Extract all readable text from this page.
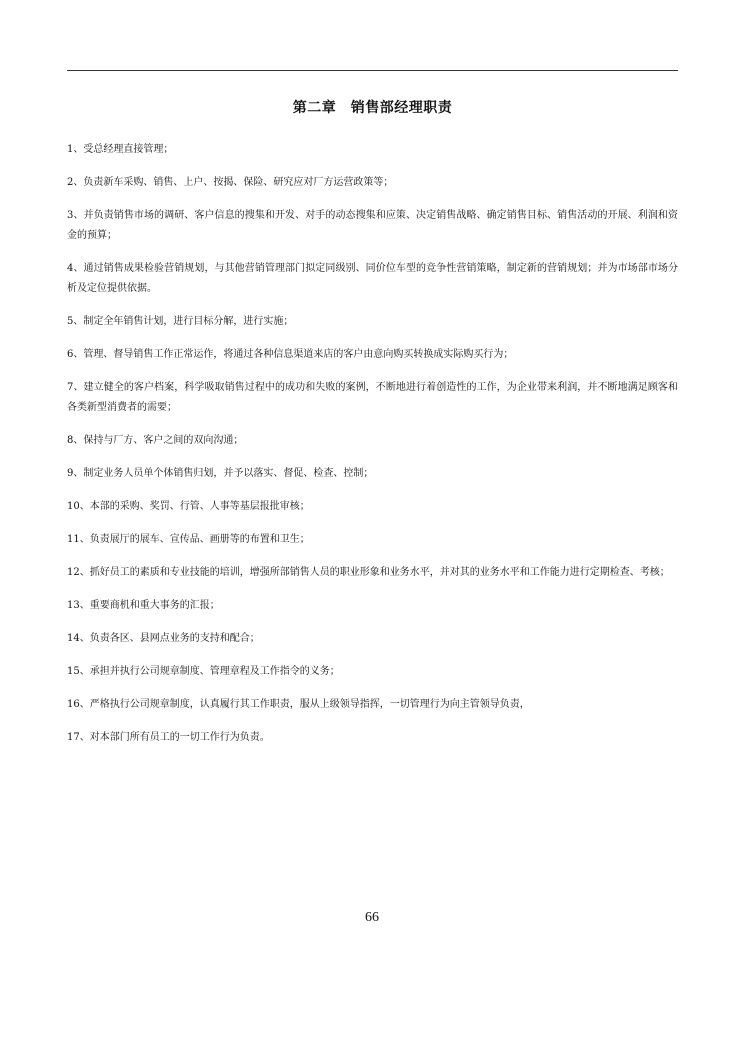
第二章　销售部经理职责
1、受总经理直接管理；
2、负责新车采购、销售、上户、按揭、保险、研究应对厂方运营政策等；
3、并负责销售市场的调研、客户信息的搜集和开发、对手的动态搜集和应策、决定销售战略、确定销售目标、销售活动的开展、利润和资金的预算；
4、通过销售成果检验营销规划，与其他营销管理部门拟定同级别、同价位车型的竞争性营销策略，制定新的营销规划；并为市场部市场分析及定位提供依据。
5、制定全年销售计划，进行目标分解，进行实施；
6、管理、督导销售工作正常运作，将通过各种信息渠道来店的客户由意向购买转换成实际购买行为；
7、建立健全的客户档案，科学吸取销售过程中的成功和失败的案例，不断地进行着创造性的工作，为企业带来利润，并不断地满足顾客和各类新型消费者的需要；
8、保持与厂方、客户之间的双向沟通；
9、制定业务人员单个体销售归划，并予以落实、督促、检查、控制；
10、本部的采购、奖罚、行管、人事等基层报批审核；
11、负责展厅的展车、宣传品、画册等的布置和卫生；
12、抓好员工的素质和专业技能的培训，增强所部销售人员的职业形象和业务水平，并对其的业务水平和工作能力进行定期检查、考核；
13、重要商机和重大事务的汇报；
14、负责各区、县网点业务的支持和配合；
15、承担并执行公司规章制度、管理章程及工作指令的义务；
16、严格执行公司规章制度，认真履行其工作职责，服从上级领导指挥，一切管理行为向主管领导负责，
17、对本部门所有员工的一切工作行为负责。
66
